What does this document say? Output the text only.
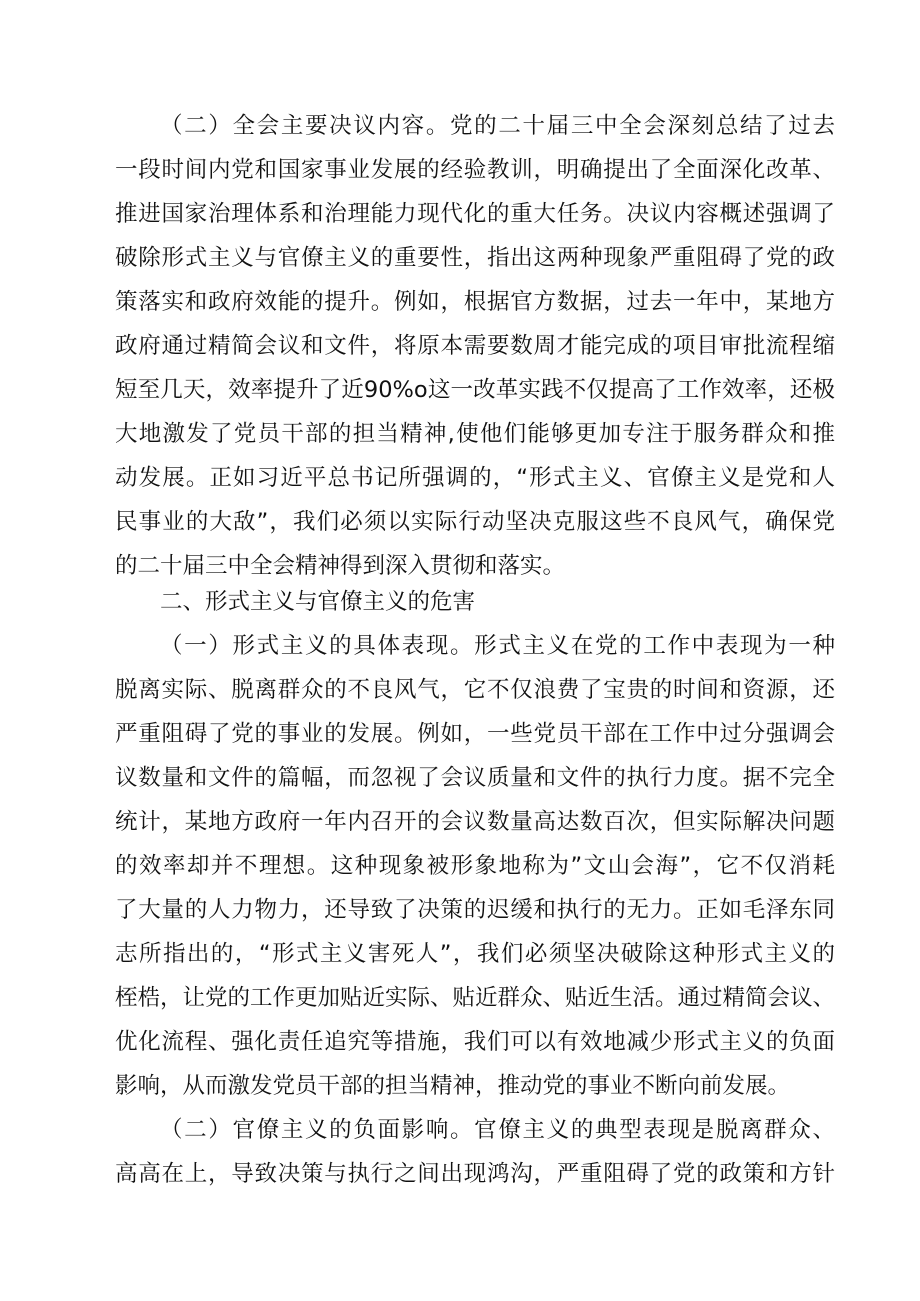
（二）全会主要决议内容。党的二十届三中全会深刻总结了过去
一段时间内党和国家事业发展的经验教训，明确提出了全面深化改革、
推进国家治理体系和治理能力现代化的重大任务。决议内容概述强调了
破除形式主义与官僚主义的重要性，指出这两种现象严重阻碍了党的政
策落实和政府效能的提升。例如，根据官方数据，过去一年中，某地方
政府通过精简会议和文件，将原本需要数周才能完成的项目审批流程缩
短至几天，效率提升了近90%o这一改革实践不仅提高了工作效率，还极
大地激发了党员干部的担当精神,使他们能够更加专注于服务群众和推
动发展。正如习近平总书记所强调的，“形式主义、官僚主义是党和人
民事业的大敌”，我们必须以实际行动坚决克服这些不良风气，确保党
的二十届三中全会精神得到深入贯彻和落实。
二、形式主义与官僚主义的危害
（一）形式主义的具体表现。形式主义在党的工作中表现为一种
脱离实际、脱离群众的不良风气，它不仅浪费了宝贵的时间和资源，还
严重阻碍了党的事业的发展。例如，一些党员干部在工作中过分强调会
议数量和文件的篇幅，而忽视了会议质量和文件的执行力度。据不完全
统计，某地方政府一年内召开的会议数量高达数百次，但实际解决问题
的效率却并不理想。这种现象被形象地称为”文山会海”，它不仅消耗
了大量的人力物力，还导致了决策的迟缓和执行的无力。正如毛泽东同
志所指出的，“形式主义害死人”，我们必须坚决破除这种形式主义的
桎梏，让党的工作更加贴近实际、贴近群众、贴近生活。通过精简会议、
优化流程、强化责任追究等措施，我们可以有效地减少形式主义的负面
影响，从而激发党员干部的担当精神，推动党的事业不断向前发展。
（二）官僚主义的负面影响。官僚主义的典型表现是脱离群众、
高高在上，导致决策与执行之间出现鸿沟，严重阻碍了党的政策和方针
